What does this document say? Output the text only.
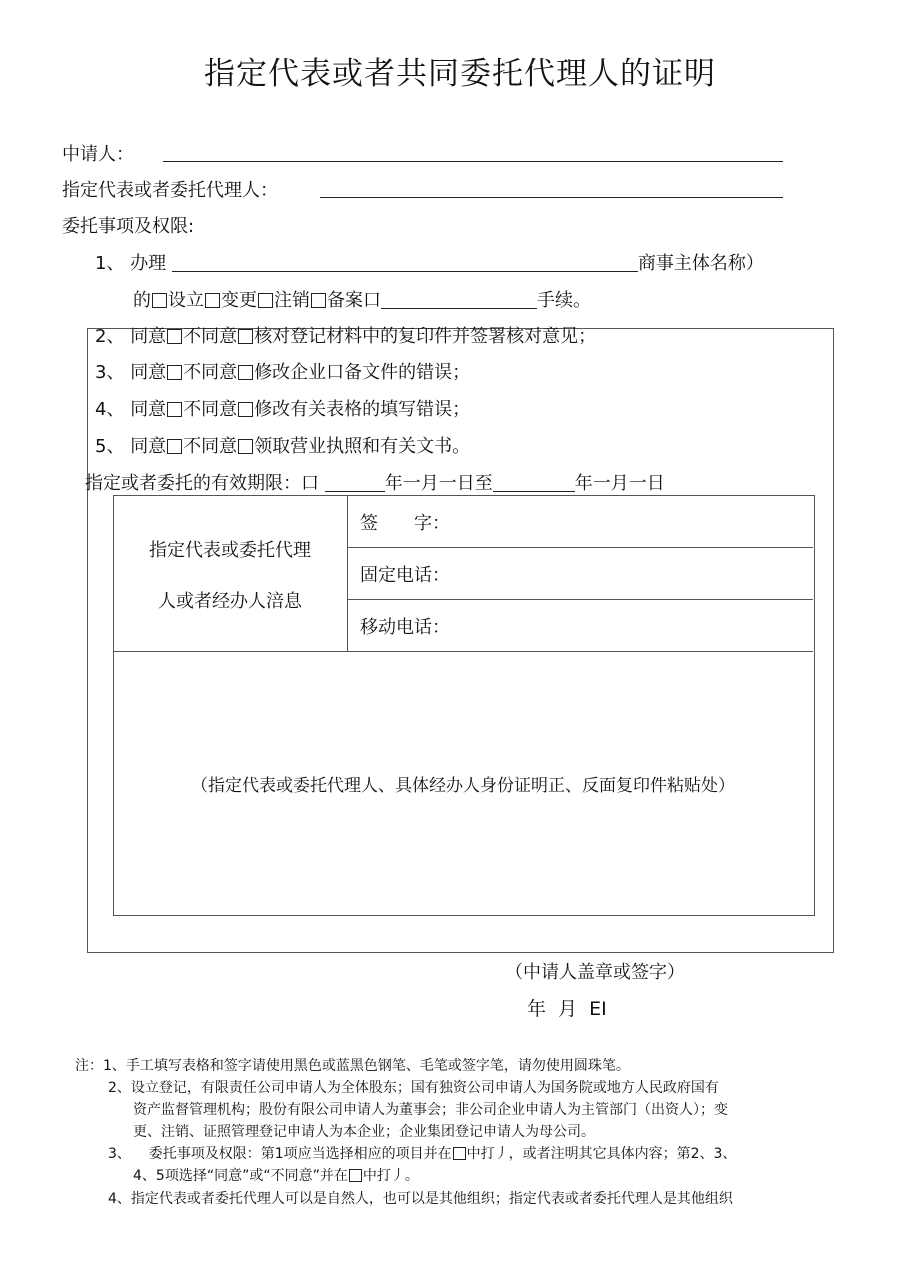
指定代表或者共同委托代理人的证明
中请人：
指定代表或者委托代理人：
委托事项及权限:
1、 办理	商事主体名称）
的 设立 变更 注销 备案口	手续。
2、 同意 不同意 核对登记材料中的复印件并签署核对意见；
3、 同意 不同意 修改企业口备文件的错误；
4、 同意 不同意 修改有关表格的填写错误；
5、 同意 不同意 领取营业执照和有关文书。
指定或者委托的有效期限：口	年一月一日至	年一月一日
指定代表或委托代理
人或者经办人涪息
签　　字：
固定电话：
移动电话：
（指定代表或委托代理人、具体经办人身份证明正、反面复印件粘贴处）
（中请人盖章或签字）
年  月  EI
注：1、手工填写表格和签字请使用黑色或蓝黑色钢笔、毛笔或签字笔，请勿使用圆珠笔。
2、设立登记，有限责任公司申请人为全体股东；国有独资公司申请人为国务院或地方人民政府国有
资产监督管理机构；股份有限公司申请人为董事会；非公司企业申请人为主管部门（出资人）；变
更、注销、证照管理登记申请人为本企业；企业集团登记申请人为母公司。
3、 委托事项及权限：第1项应当选择相应的项目并在 中打丿，或者注明其它具体内容；第2、3、
4、5项选择“同意”或“不同意”并在 中打丿。
4、指定代表或者委托代理人可以是自然人，也可以是其他组织；指定代表或者委托代理人是其他组织
